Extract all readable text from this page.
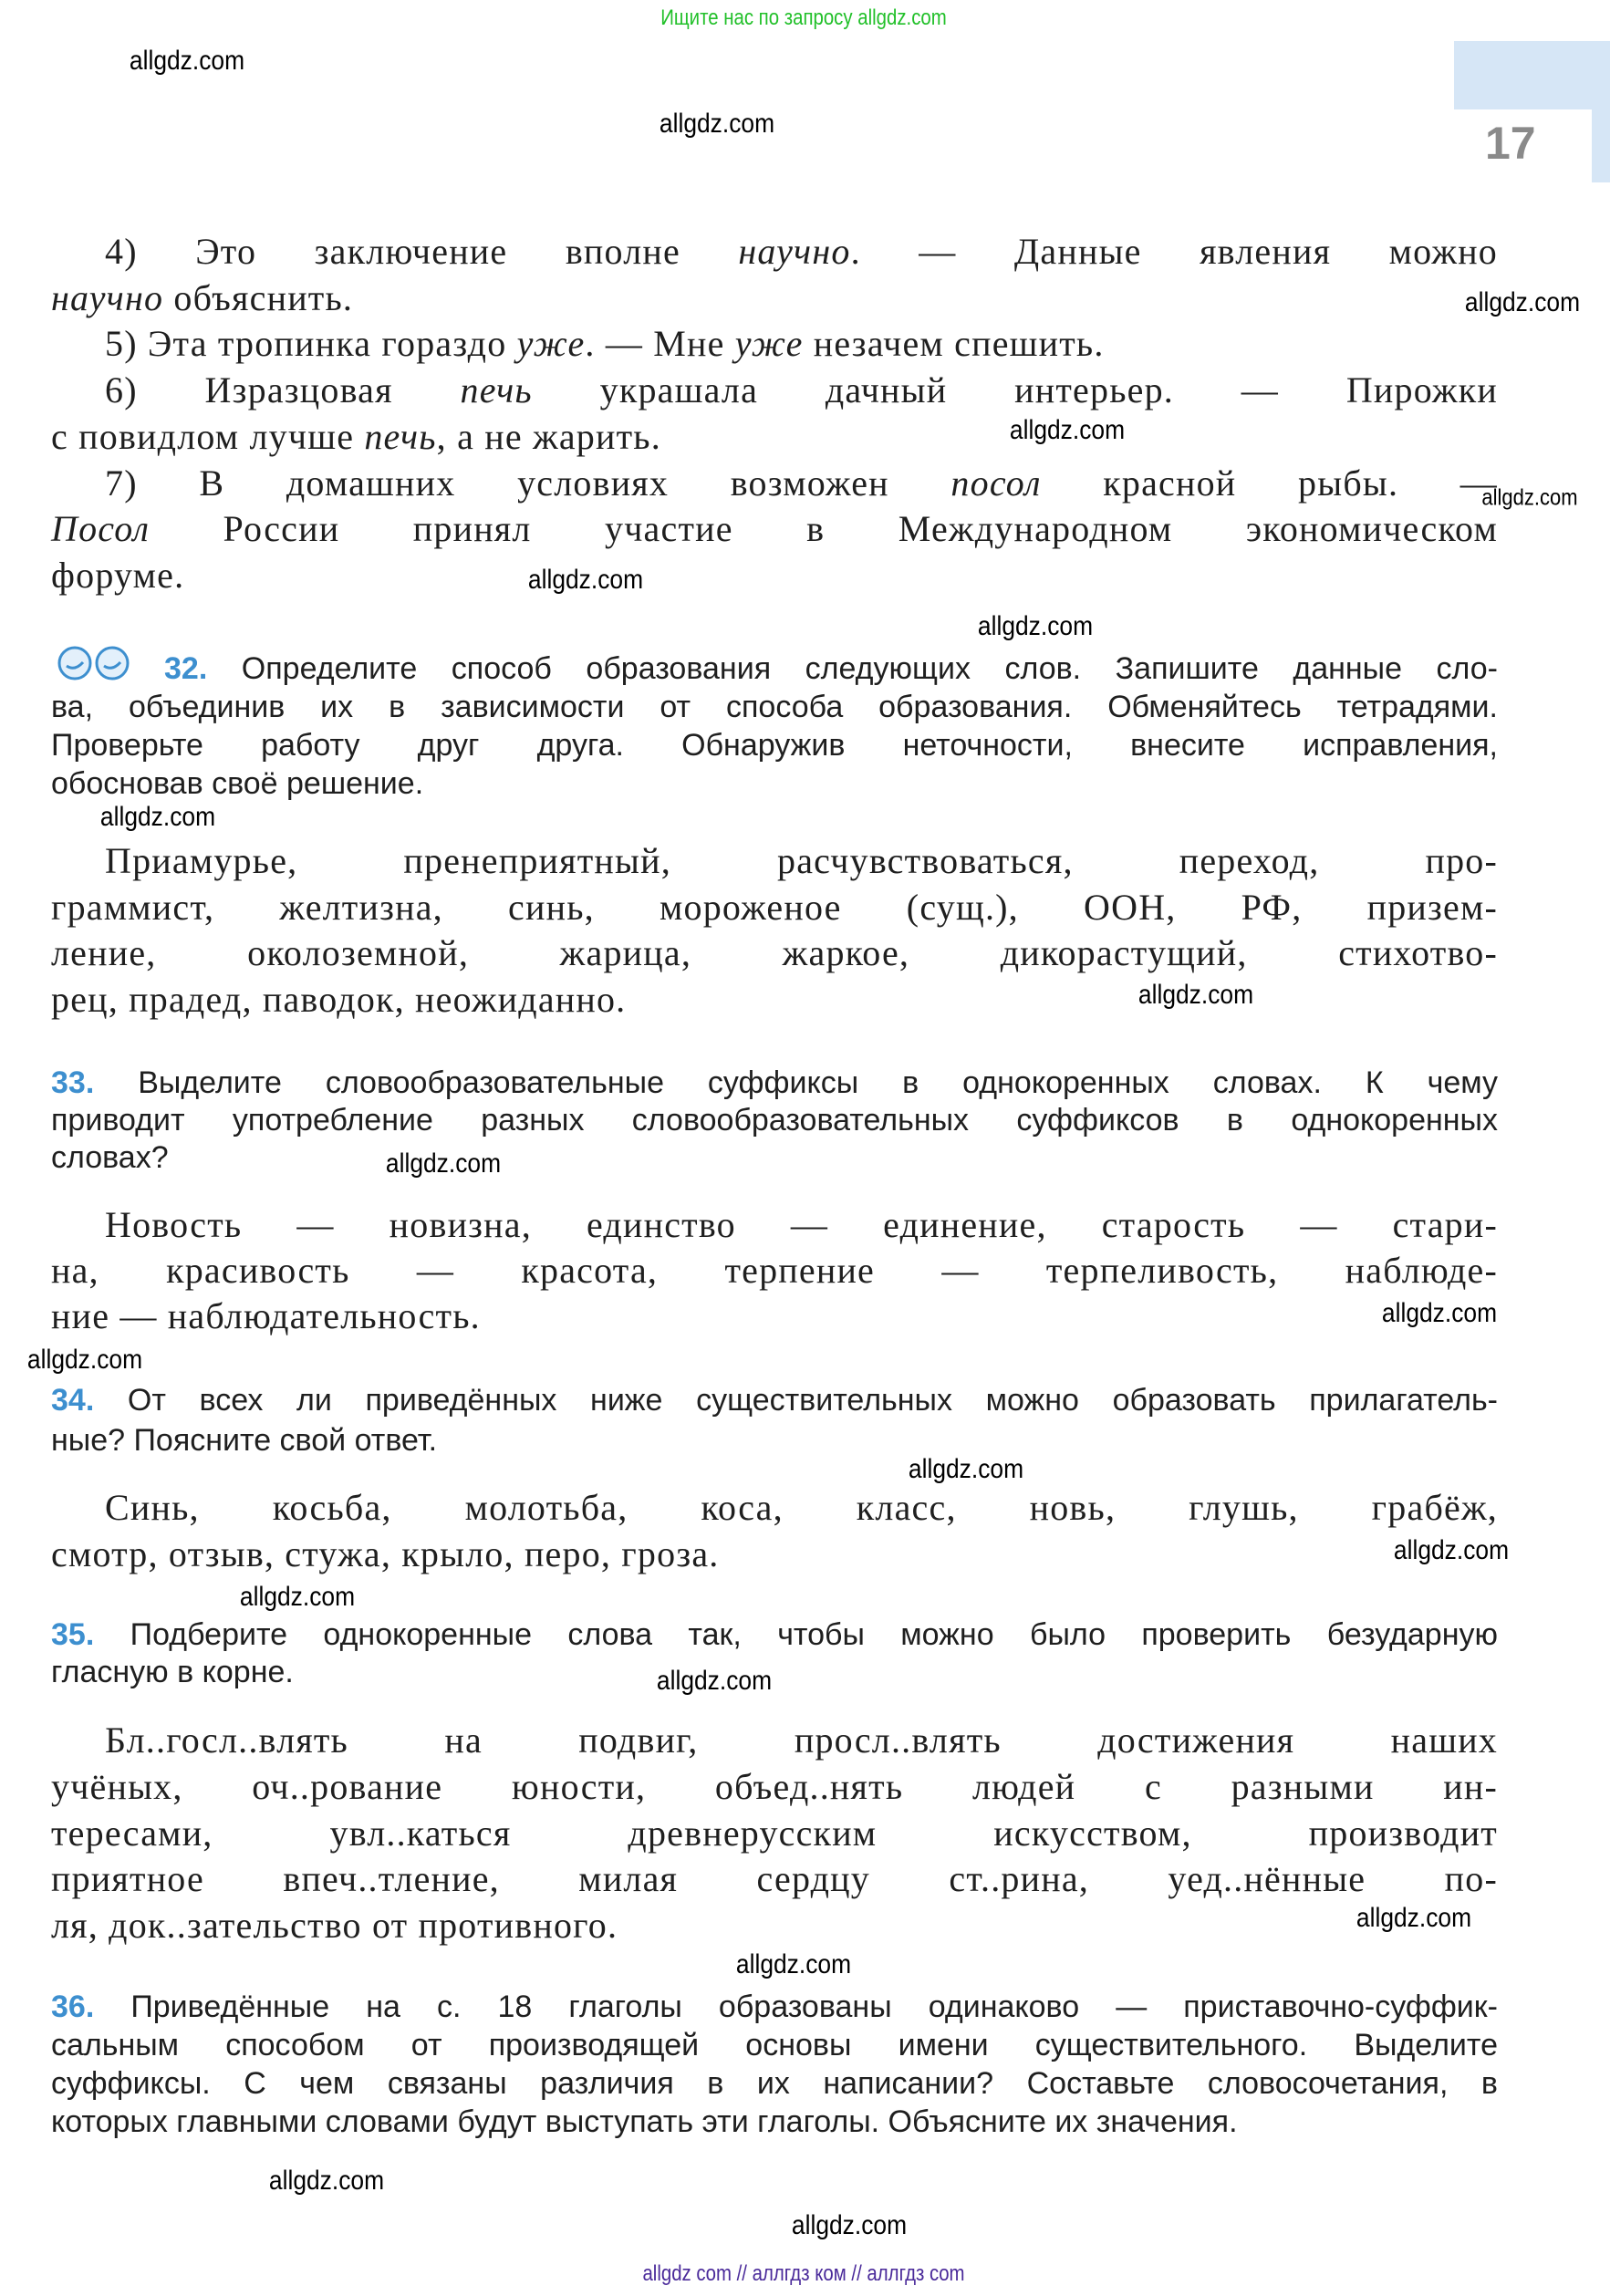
Ищите нас по запросу allgdz.com
17
4) Это заключение вполне научно. — Данные явления можно
научно объяснить.
5) Эта тропинка гораздо уже. — Мне уже незачем спешить.
6) Изразцовая печь украшала дачный интерьер. — Пирожки
с повидлом лучше печь, а не жарить.
7) В домашних условиях возможен посол красной рыбы. —
Посол России принял участие в Международном экономическом
форуме.
32. Определите способ образования следующих слов. Запишите данные сло-
ва, объединив их в зависимости от способа образования. Обменяйтесь тетрадями.
Проверьте работу друг друга. Обнаружив неточности, внесите исправления,
обосновав своё решение.
Приамурье, пренеприятный, расчувствоваться, переход, про-
граммист, желтизна, синь, мороженое (сущ.), ООН, РФ, призем-
ление, околоземной, жарица, жаркое, дикорастущий, стихотво-
рец, прадед, паводок, неожиданно.
33. Выделите словообразовательные суффиксы в однокоренных словах. К чему
приводит употребление разных словообразовательных суффиксов в однокоренных
словах?
Новость — новизна, единство — единение, старость — стари-
на, красивость — красота, терпение — терпеливость, наблюде-
ние — наблюдательность.
34. От всех ли приведённых ниже существительных можно образовать прилагатель-
ные? Поясните свой ответ.
Синь, косьба, молотьба, коса, класс, новь, глушь, грабёж,
смотр, отзыв, стужа, крыло, перо, гроза.
35. Подберите однокоренные слова так, чтобы можно было проверить безударную
гласную в корне.
Бл..госл..влять на подвиг, просл..влять достижения наших
учёных, оч..рование юности, объед..нять людей с разными ин-
тересами, увл..каться древнерусским искусством, производит
приятное впеч..тление, милая сердцу ст..рина, уед..нённые по-
ля, док..зательство от противного.
36. Приведённые на с. 18 глаголы образованы одинаково — приставочно-суффик-
сальным способом от производящей основы имени существительного. Выделите
суффиксы. С чем связаны различия в их написании? Составьте словосочетания, в
которых главными словами будут выступать эти глаголы. Объясните их значения.
allgdz.com
allgdz.com
allgdz.com
allgdz.com
allgdz.com
allgdz.com
allgdz.com
allgdz.com
allgdz.com
allgdz.com
allgdz.com
allgdz.com
allgdz.com
allgdz.com
allgdz.com
allgdz.com
allgdz.com
allgdz.com
allgdz.com
allgdz.com
allgdz com // аллгдз ком // аллгдз com
